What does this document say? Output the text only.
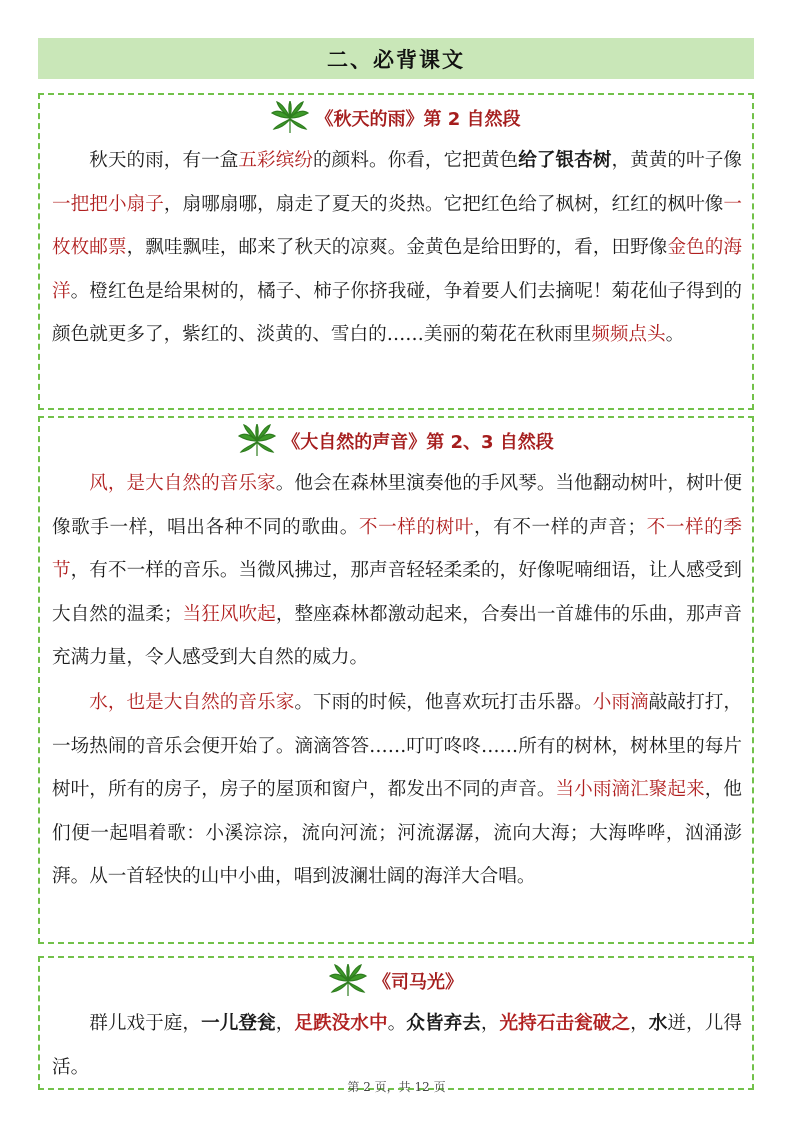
二、必背课文
《秋天的雨》第 2 自然段
秋天的雨，有一盒五彩缤纷的颜料。你看，它把黄色给了银杏树，黄黄的叶子像一把把小扇子，扇哪扇哪，扇走了夏天的炎热。它把红色给了枫树，红红的枫叶像一枚枚邮票，飘哇飘哇，邮来了秋天的凉爽。金黄色是给田野的，看，田野像金色的海洋。橙红色是给果树的，橘子、柿子你挤我碰，争着要人们去摘呢！菊花仙子得到的颜色就更多了，紫红的、淡黄的、雪白的……美丽的菊花在秋雨里频频点头。
《大自然的声音》第 2、3 自然段
风，是大自然的音乐家。他会在森林里演奏他的手风琴。当他翻动树叶，树叶便像歌手一样，唱出各种不同的歌曲。不一样的树叶，有不一样的声音；不一样的季节，有不一样的音乐。当微风拂过，那声音轻轻柔柔的，好像呢喃细语，让人感受到大自然的温柔；当狂风吹起，整座森林都激动起来，合奏出一首雄伟的乐曲，那声音充满力量，令人感受到大自然的威力。
水，也是大自然的音乐家。下雨的时候，他喜欢玩打击乐器。小雨滴敲敲打打，一场热闹的音乐会便开始了。滴滴答答……叮叮咚咚……所有的树林，树林里的每片树叶，所有的房子，房子的屋顶和窗户，都发出不同的声音。当小雨滴汇聚起来，他们便一起唱着歌：小溪淙淙，流向河流；河流潺潺，流向大海；大海哗哗，汹涌澎湃。从一首轻快的山中小曲，唱到波澜壮阔的海洋大合唱。
《司马光》
群儿戏于庭，一儿登瓮，足跌没水中。众皆弃去，光持石击瓮破之，水迸，儿得活。
第 2 页，共 12 页
